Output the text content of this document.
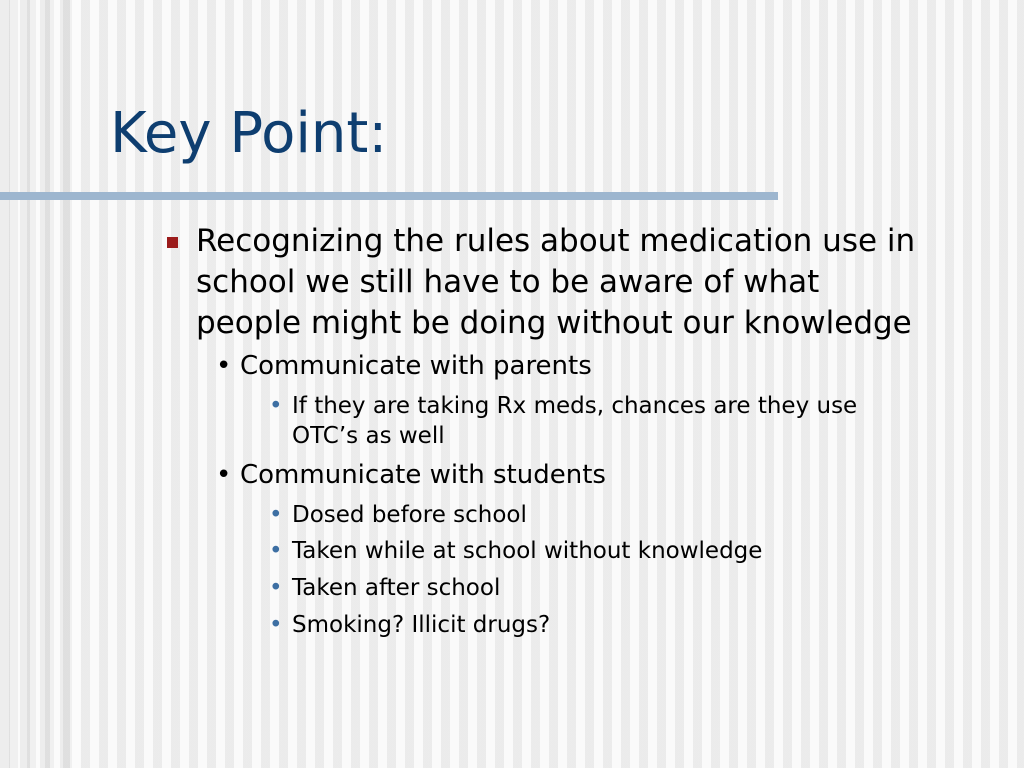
Key Point:
Recognizing the rules about medication use in
school we still have to be aware of what
people might be doing without our knowledge
• Communicate with parents
• If they are taking Rx meds, chances are they use
OTC’s as well
• Communicate with students
• Dosed before school
• Taken while at school without knowledge
• Taken after school
• Smoking? Illicit drugs?
